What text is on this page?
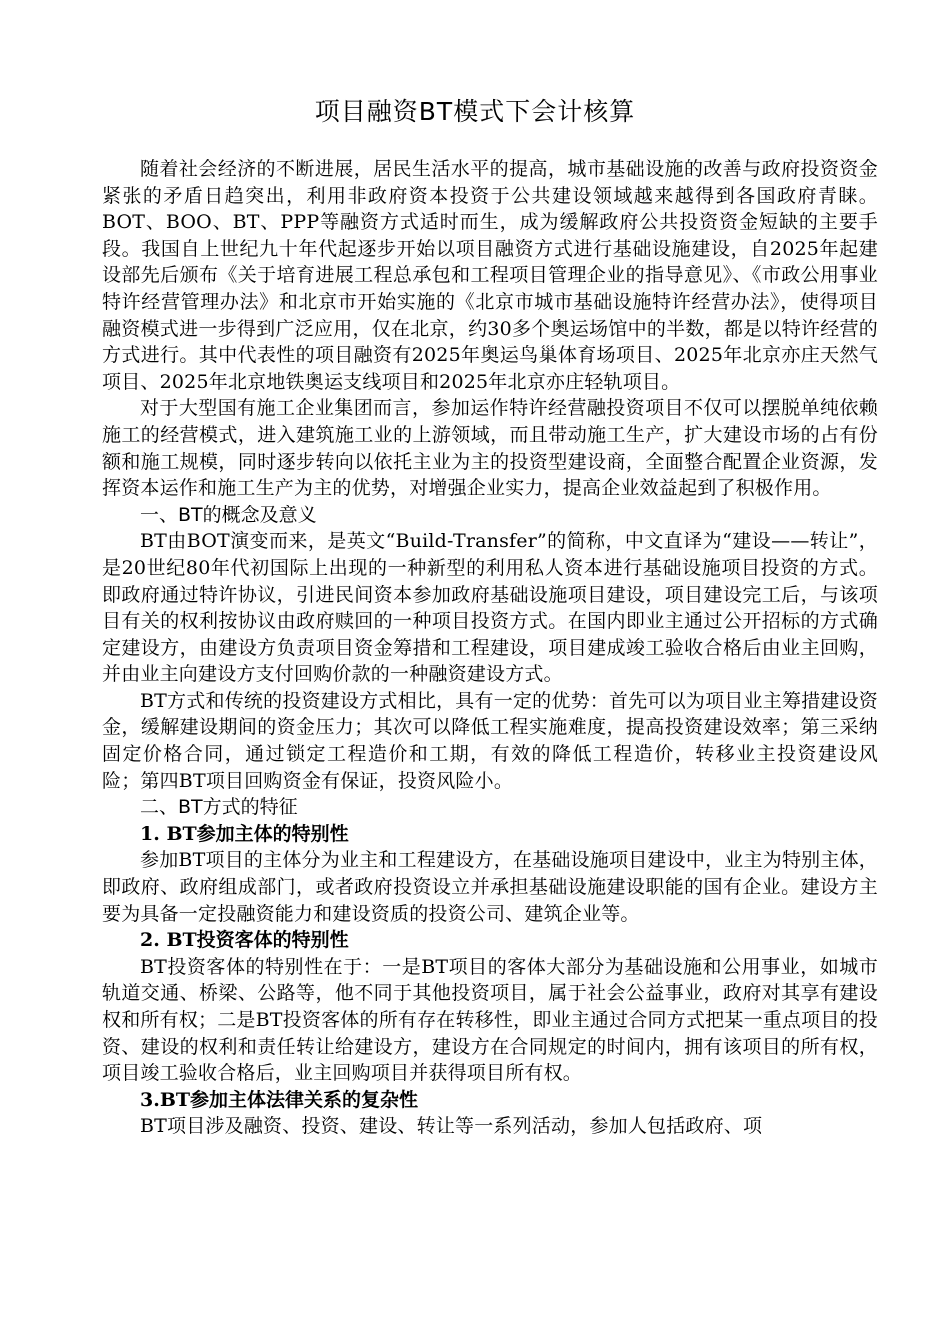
项目融资BT模式下会计核算

随着社会经济的不断进展，居民生活水平的提高，城市基础设施的改善与政府投资资金紧张的矛盾日趋突出，利用非政府资本投资于公共建设领域越来越得到各国政府青睐。BOT、BOO、BT、PPP等融资方式适时而生，成为缓解政府公共投资资金短缺的主要手段。我国自上世纪九十年代起逐步开始以项目融资方式进行基础设施建设，自2025年起建设部先后颁布《关于培育进展工程总承包和工程项目管理企业的指导意见》、《市政公用事业特许经营管理办法》和北京市开始实施的《北京市城市基础设施特许经营办法》，使得项目融资模式进一步得到广泛应用，仅在北京，约30多个奥运场馆中的半数，都是以特许经营的方式进行。其中代表性的项目融资有2025年奥运鸟巢体育场项目、2025年北京亦庄天然气项目、2025年北京地铁奥运支线项目和2025年北京亦庄轻轨项目。

对于大型国有施工企业集团而言，参加运作特许经营融投资项目不仅可以摆脱单纯依赖施工的经营模式，进入建筑施工业的上游领域，而且带动施工生产，扩大建设市场的占有份额和施工规模，同时逐步转向以依托主业为主的投资型建设商，全面整合配置企业资源，发挥资本运作和施工生产为主的优势，对增强企业实力，提高企业效益起到了积极作用。

一、BT的概念及意义

BT由BOT演变而来，是英文“Build-Transfer”的简称，中文直译为“建设——转让”，是20世纪80年代初国际上出现的一种新型的利用私人资本进行基础设施项目投资的方式。即政府通过特许协议，引进民间资本参加政府基础设施项目建设，项目建设完工后，与该项目有关的权利按协议由政府赎回的一种项目投资方式。在国内即业主通过公开招标的方式确定建设方，由建设方负责项目资金筹措和工程建设，项目建成竣工验收合格后由业主回购，并由业主向建设方支付回购价款的一种融资建设方式。

BT方式和传统的投资建设方式相比，具有一定的优势：首先可以为项目业主筹措建设资金，缓解建设期间的资金压力；其次可以降低工程实施难度，提高投资建设效率；第三采纳固定价格合同，通过锁定工程造价和工期，有效的降低工程造价，转移业主投资建设风　险；第四BT项目回购资金有保证，投资风险小。

二、BT方式的特征
1. BT参加主体的特别性

参加BT项目的主体分为业主和工程建设方，在基础设施项目建设中，业主为特别主体，即政府、政府组成部门，或者政府投资设立并承担基础设施建设职能的国有企业。建设方主要为具备一定投融资能力和建设资质的投资公司、建筑企业等。

2. BT投资客体的特别性

BT投资客体的特别性在于：一是BT项目的客体大部分为基础设施和公用事业，如城市轨道交通、桥梁、公路等，他不同于其他投资项目，属于社会公益事业，政府对其享有建设权和所有权；二是BT投资客体的所有存在转移性，即业主通过合同方式把某一重点项目的投资、建设的权利和责任转让给建设方，建设方在合同规定的时间内，拥有该项目的所有权，项目竣工验收合格后，业主回购项目并获得项目所有权。

3.BT参加主体法律关系的复杂性

BT项目涉及融资、投资、建设、转让等一系列活动，参加人包括政府、项
